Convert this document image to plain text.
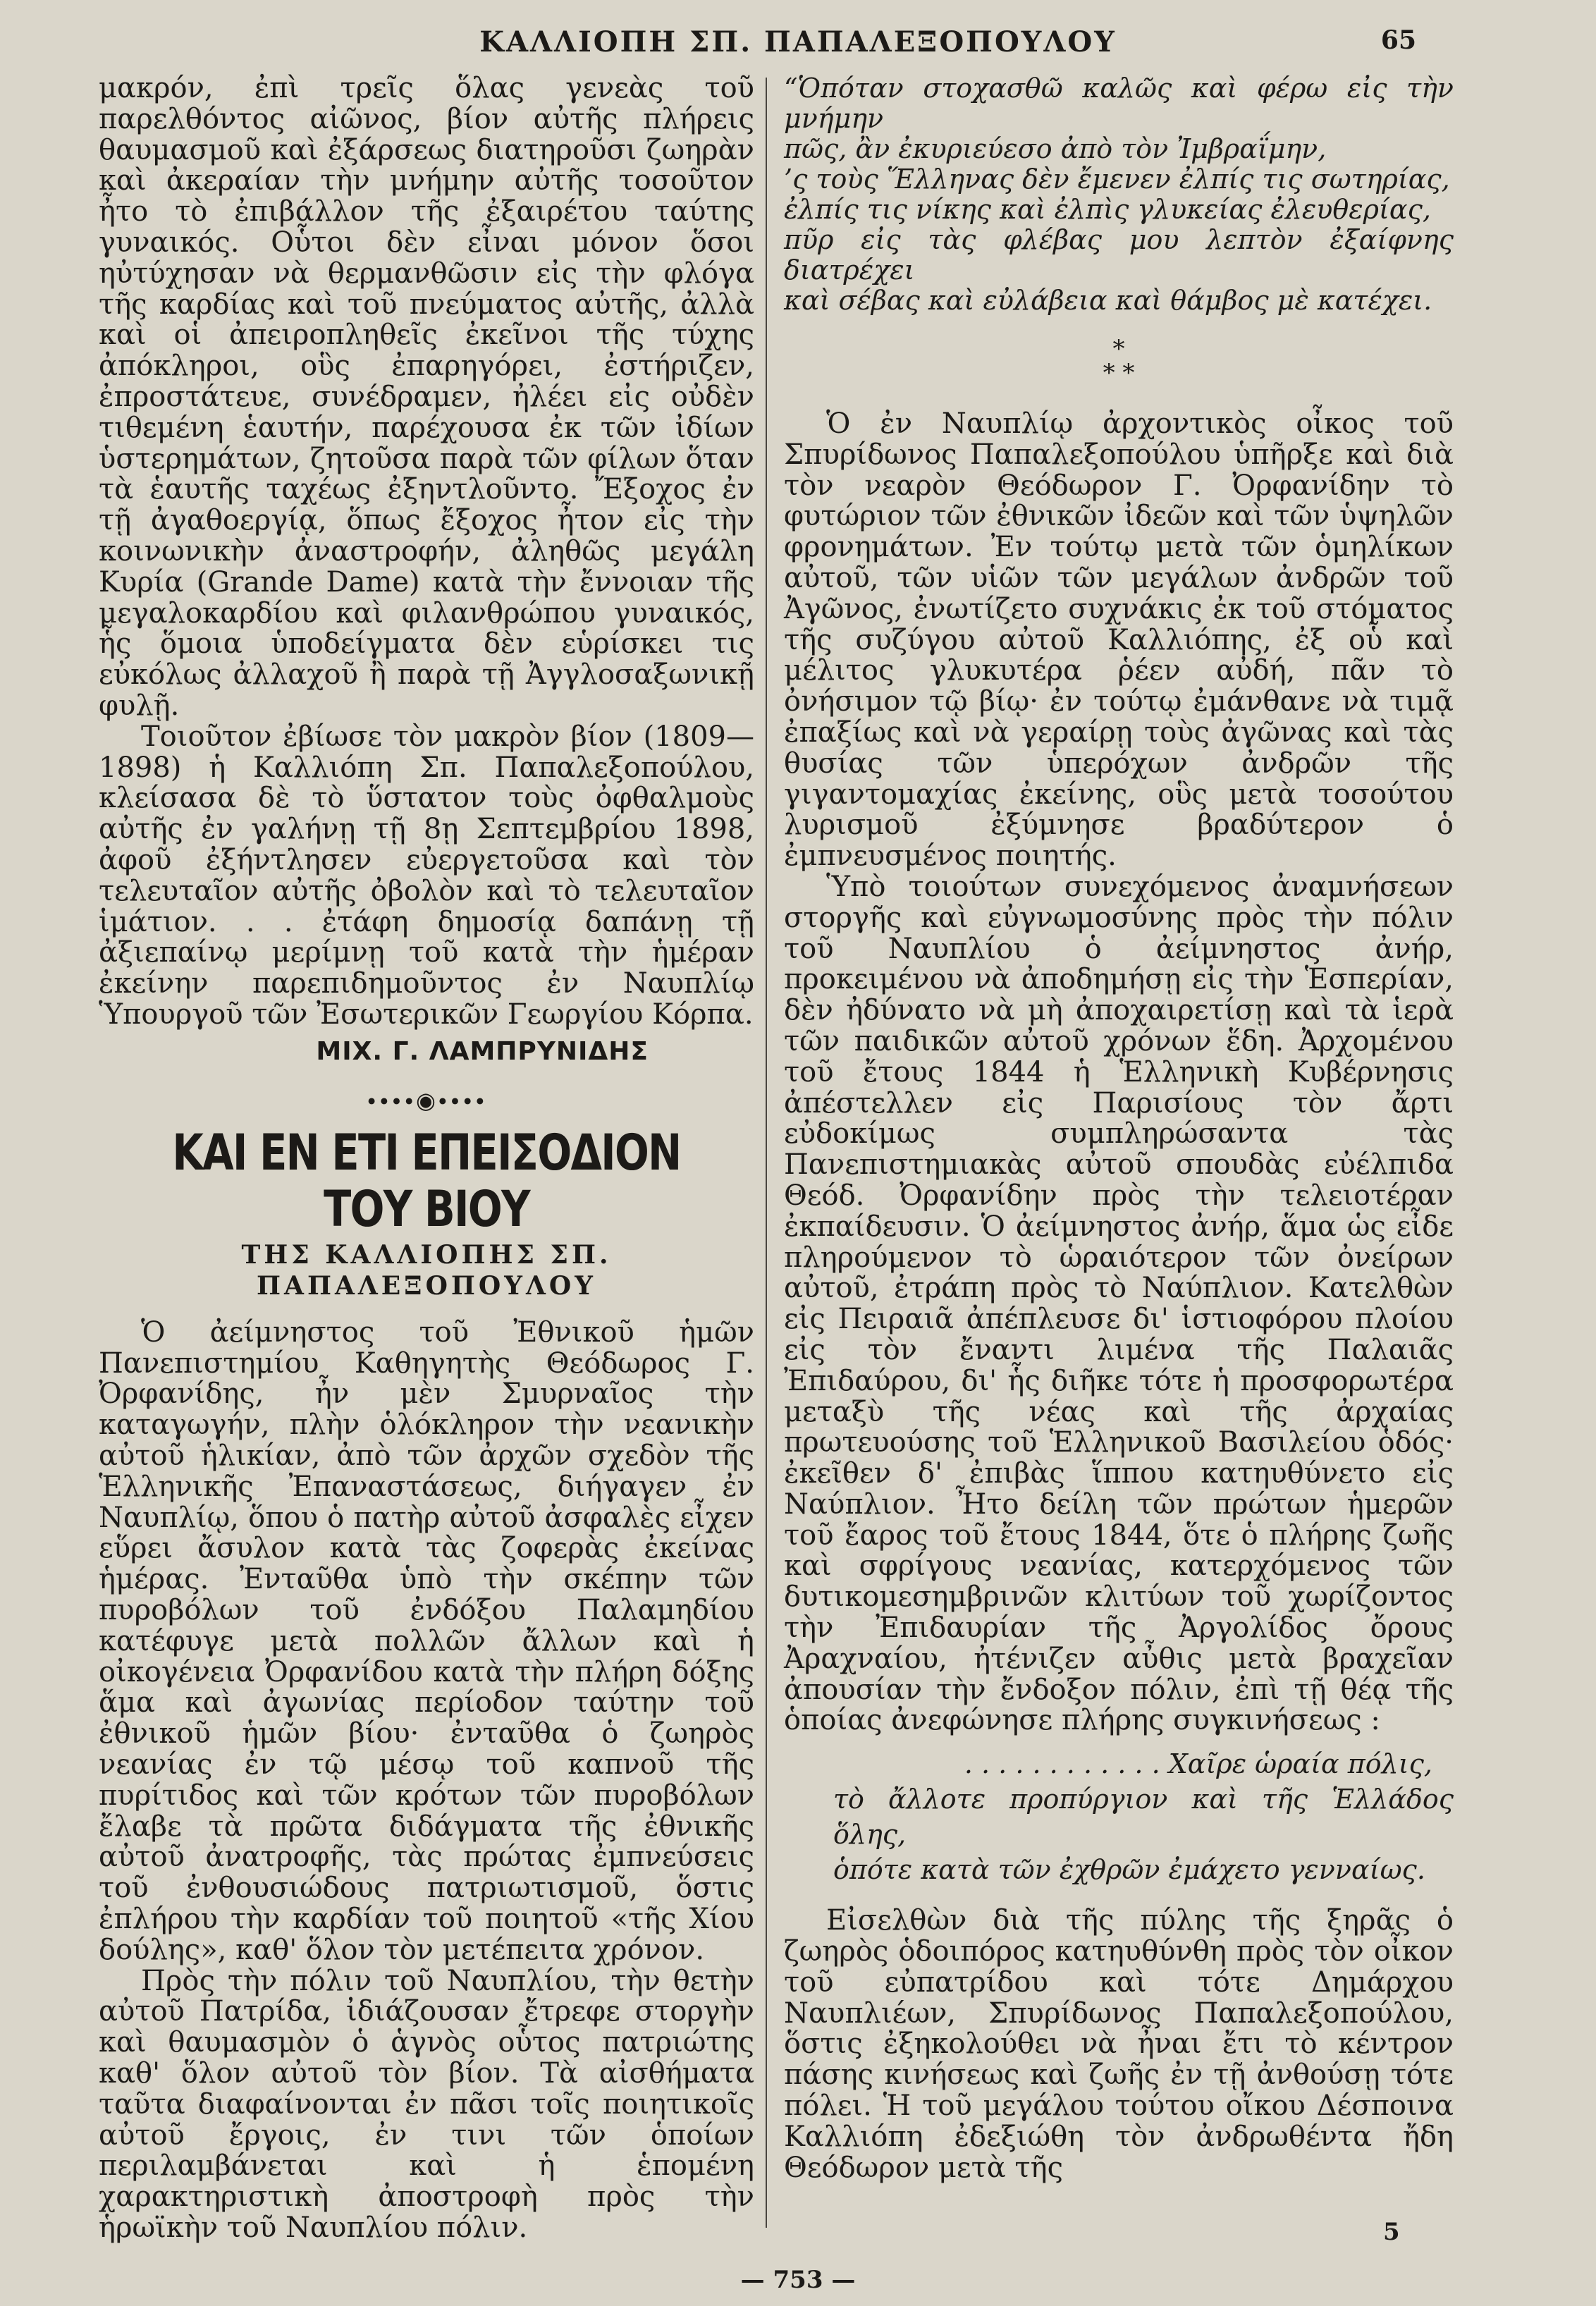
ΚΑΛΛΙΟΠΗ ΣΠ. ΠΑΠΑΛΕΞΟΠΟΥΛΟΥ	65

μακρόν, ἐπὶ τρεῖς ὅλας γενεὰς τοῦ παρελθόντος αἰῶνος, βίον αὐτῆς πλήρεις θαυμασμοῦ καὶ ἐξάρσεως διατηροῦσι ζωηρὰν καὶ ἀκεραίαν τὴν μνήμην αὐτῆς τοσοῦτον ἦτο τὸ ἐπιβάλλον τῆς ἐξαιρέτου ταύτης γυναικός. Οὗτοι δὲν εἶναι μόνον ὅσοι ηὐτύχησαν νὰ θερμανθῶσιν εἰς τὴν φλόγα τῆς καρδίας καὶ τοῦ πνεύματος αὐτῆς, ἀλλὰ καὶ οἱ ἀπειροπληθεῖς ἐκεῖνοι τῆς τύχης ἀπόκληροι, οὓς ἐπαρηγόρει, ἐστήριζεν, ἐπροστάτευε, συνέδραμεν, ἠλέει εἰς οὐδὲν τιθεμένη ἑαυτήν, παρέχουσα ἐκ τῶν ἰδίων ὑστερημάτων, ζητοῦσα παρὰ τῶν φίλων ὅταν τὰ ἑαυτῆς ταχέως ἐξηντλοῦντο. Ἔξοχος ἐν τῇ ἀγαθοεργίᾳ, ὅπως ἔξοχος ἦτον εἰς τὴν κοινωνικὴν ἀναστροφήν, ἀληθῶς μεγάλη Κυρία (Grande Dame) κατὰ τὴν ἔννοιαν τῆς μεγαλοκαρδίου καὶ φιλανθρώπου γυναικός, ἧς ὅμοια ὑποδείγματα δὲν εὑρίσκει τις εὐκόλως ἀλλαχοῦ ἢ παρὰ τῇ Ἀγγλοσαξωνικῇ φυλῇ.

Τοιοῦτον ἐβίωσε τὸν μακρὸν βίον (1809—1898) ἡ Καλλιόπη Σπ. Παπαλεξοπούλου, κλείσασα δὲ τὸ ὕστατον τοὺς ὀφθαλμοὺς αὐτῆς ἐν γαλήνῃ τῇ 8ῃ Σεπτεμβρίου 1898, ἀφοῦ ἐξήντλησεν εὐεργετοῦσα καὶ τὸν τελευταῖον αὐτῆς ὀβολὸν καὶ τὸ τελευταῖον ἱμάτιον. . . ἐτάφη δημοσίᾳ δαπάνῃ τῇ ἀξιεπαίνῳ μερίμνῃ τοῦ κατὰ τὴν ἡμέραν ἐκείνην παρεπιδημοῦντος ἐν Ναυπλίῳ Ὑπουργοῦ τῶν Ἐσωτερικῶν Γεωργίου Κόρπα.

ΜΙΧ. Γ. ΛΑΜΠΡΥΝΙΔΗΣ
∙∙∙∙◉∙∙∙∙
ΚΑΙ ΕΝ ΕΤΙ ΕΠΕΙΣΟΔΙΟΝ ΤΟΥ ΒΙΟΥ
ΤΗΣ ΚΑΛΛΙΟΠΗΣ ΣΠ. ΠΑΠΑΛΕΞΟΠΟΥΛΟΥ

Ὁ ἀείμνηστος τοῦ Ἐθνικοῦ ἡμῶν Πανεπιστημίου Καθηγητὴς Θεόδωρος Γ. Ὀρφανίδης, ἦν μὲν Σμυρναῖος τὴν καταγωγήν, πλὴν ὁλόκληρον τὴν νεανικὴν αὐτοῦ ἡλικίαν, ἀπὸ τῶν ἀρχῶν σχεδὸν τῆς Ἑλληνικῆς Ἐπαναστάσεως, διήγαγεν ἐν Ναυπλίῳ, ὅπου ὁ πατὴρ αὐτοῦ ἀσφαλὲς εἶχεν εὕρει ἄσυλον κατὰ τὰς ζοφερὰς ἐκείνας ἡμέρας. Ἐνταῦθα ὑπὸ τὴν σκέπην τῶν πυροβόλων τοῦ ἐνδόξου Παλαμηδίου κατέφυγε μετὰ πολλῶν ἄλλων καὶ ἡ οἰκογένεια Ὀρφανίδου κατὰ τὴν πλήρη δόξης ἅμα καὶ ἀγωνίας περίοδον ταύτην τοῦ ἐθνικοῦ ἡμῶν βίου· ἐνταῦθα ὁ ζωηρὸς νεανίας ἐν τῷ μέσῳ τοῦ καπνοῦ τῆς πυρίτιδος καὶ τῶν κρότων τῶν πυροβόλων ἔλαβε τὰ πρῶτα διδάγματα τῆς ἐθνικῆς αὐτοῦ ἀνατροφῆς, τὰς πρώτας ἐμπνεύσεις τοῦ ἐνθουσιώδους πατριωτισμοῦ, ὅστις ἐπλήρου τὴν καρδίαν τοῦ ποιητοῦ «τῆς Χίου δούλης», καθ' ὅλον τὸν μετέπειτα χρόνον.

Πρὸς τὴν πόλιν τοῦ Ναυπλίου, τὴν θετὴν αὐτοῦ Πατρίδα, ἰδιάζουσαν ἔτρεφε στοργὴν καὶ θαυμασμὸν ὁ ἁγνὸς οὗτος πατριώτης καθ' ὅλον αὐτοῦ τὸν βίον. Τὰ αἰσθήματα ταῦτα διαφαίνονται ἐν πᾶσι τοῖς ποιητικοῖς αὐτοῦ ἔργοις, ἐν τινι τῶν ὁποίων περιλαμβάνεται καὶ ἡ ἑπομένη χαρακτηριστικὴ ἀποστροφὴ πρὸς τὴν ἡρωϊκὴν τοῦ Ναυπλίου πόλιν.

“Ὁπόταν στοχασθῶ καλῶς καὶ φέρω εἰς τὴν μνήμην
πῶς, ἂν ἐκυριεύεσο ἀπὸ τὸν Ἰμβραΐμην,
’ς τοὺς Ἕλληνας δὲν ἔμενεν ἐλπίς τις σωτηρίας,
ἐλπίς τις νίκης καὶ ἐλπὶς γλυκείας ἐλευθερίας,
πῦρ εἰς τὰς φλέβας μου λεπτὸν ἐξαίφνης διατρέχει
καὶ σέβας καὶ εὐλάβεια καὶ θάμβος μὲ κατέχει.
*
* *

Ὁ ἐν Ναυπλίῳ ἀρχοντικὸς οἶκος τοῦ Σπυρίδωνος Παπαλεξοπούλου ὑπῆρξε καὶ διὰ τὸν νεαρὸν Θεόδωρον Γ. Ὀρφανίδην τὸ φυτώριον τῶν ἐθνικῶν ἰδεῶν καὶ τῶν ὑψηλῶν φρονημάτων. Ἐν τούτῳ μετὰ τῶν ὁμηλίκων αὐτοῦ, τῶν υἱῶν τῶν μεγάλων ἀνδρῶν τοῦ Ἀγῶνος, ἐνωτίζετο συχνάκις ἐκ τοῦ στόματος τῆς συζύγου αὐτοῦ Καλλιόπης, ἐξ οὗ καὶ μέλιτος γλυκυτέρα ῥέεν αὐδή, πᾶν τὸ ὀνήσιμον τῷ βίῳ· ἐν τούτῳ ἐμάνθανε νὰ τιμᾷ ἐπαξίως καὶ νὰ γεραίρῃ τοὺς ἀγῶνας καὶ τὰς θυσίας τῶν ὑπερόχων ἀνδρῶν τῆς γιγαντομαχίας ἐκείνης, οὓς μετὰ τοσούτου λυρισμοῦ ἐξύμνησε βραδύτερον ὁ ἐμπνευσμένος ποιητής.

Ὑπὸ τοιούτων συνεχόμενος ἀναμνήσεων στοργῆς καὶ εὐγνωμοσύνης πρὸς τὴν πόλιν τοῦ Ναυπλίου ὁ ἀείμνηστος ἀνήρ, προκειμένου νὰ ἀποδημήσῃ εἰς τὴν Ἑσπερίαν, δὲν ἠδύνατο νὰ μὴ ἀποχαιρετίσῃ καὶ τὰ ἱερὰ τῶν παιδικῶν αὐτοῦ χρόνων ἕδη. Ἀρχομένου τοῦ ἔτους 1844 ἡ Ἑλληνικὴ Κυβέρνησις ἀπέστελλεν εἰς Παρισίους τὸν ἄρτι εὐδοκίμως συμπληρώσαντα τὰς Πανεπιστημιακὰς αὐτοῦ σπουδὰς εὐέλπιδα Θεόδ. Ὀρφανίδην πρὸς τὴν τελειοτέραν ἐκπαίδευσιν. Ὁ ἀείμνηστος ἀνήρ, ἅμα ὡς εἶδε πληρούμενον τὸ ὡραιότερον τῶν ὀνείρων αὐτοῦ, ἐτράπη πρὸς τὸ Ναύπλιον. Κατελθὼν εἰς Πειραιᾶ ἀπέπλευσε δι' ἱστιοφόρου πλοίου εἰς τὸν ἔναντι λιμένα τῆς Παλαιᾶς Ἐπιδαύρου, δι' ἧς διῆκε τότε ἡ προσφορωτέρα μεταξὺ τῆς νέας καὶ τῆς ἀρχαίας πρωτευούσης τοῦ Ἑλληνικοῦ Βασιλείου ὁδός· ἐκεῖθεν δ' ἐπιβὰς ἵππου κατηυθύνετο εἰς Ναύπλιον. Ἦτο δείλη τῶν πρώτων ἡμερῶν τοῦ ἔαρος τοῦ ἔτους 1844, ὅτε ὁ πλήρης ζωῆς καὶ σφρίγους νεανίας, κατερχόμενος τῶν δυτικομεσημβρινῶν κλιτύων τοῦ χωρίζοντος τὴν Ἐπιδαυρίαν τῆς Ἀργολίδος ὄρους Ἀραχναίου, ἠτένιζεν αὖθις μετὰ βραχεῖαν ἀπουσίαν τὴν ἔνδοξον πόλιν, ἐπὶ τῇ θέᾳ τῆς ὁποίας ἀνεφώνησε πλήρης συγκινήσεως :

. . . . . . . . . . . . Χαῖρε ὡραία πόλις,
τὸ ἄλλοτε προπύργιον καὶ τῆς Ἑλλάδος ὅλης,
ὁπότε κατὰ τῶν ἐχθρῶν ἐμάχετο γενναίως.

Εἰσελθὼν διὰ τῆς πύλης τῆς ξηρᾶς ὁ ζωηρὸς ὁδοιπόρος κατηυθύνθη πρὸς τὸν οἶκον τοῦ εὐπατρίδου καὶ τότε Δημάρχου Ναυπλιέων, Σπυρίδωνος Παπαλεξοπούλου, ὅστις ἐξηκολούθει νὰ ἦναι ἔτι τὸ κέντρον πάσης κινήσεως καὶ ζωῆς ἐν τῇ ἀνθούσῃ τότε πόλει. Ἡ τοῦ μεγάλου τούτου οἴκου Δέσποινα Καλλιόπη ἐδεξιώθη τὸν ἀνδρωθέντα ἤδη Θεόδωρον μετὰ τῆς

— 753 —
5
